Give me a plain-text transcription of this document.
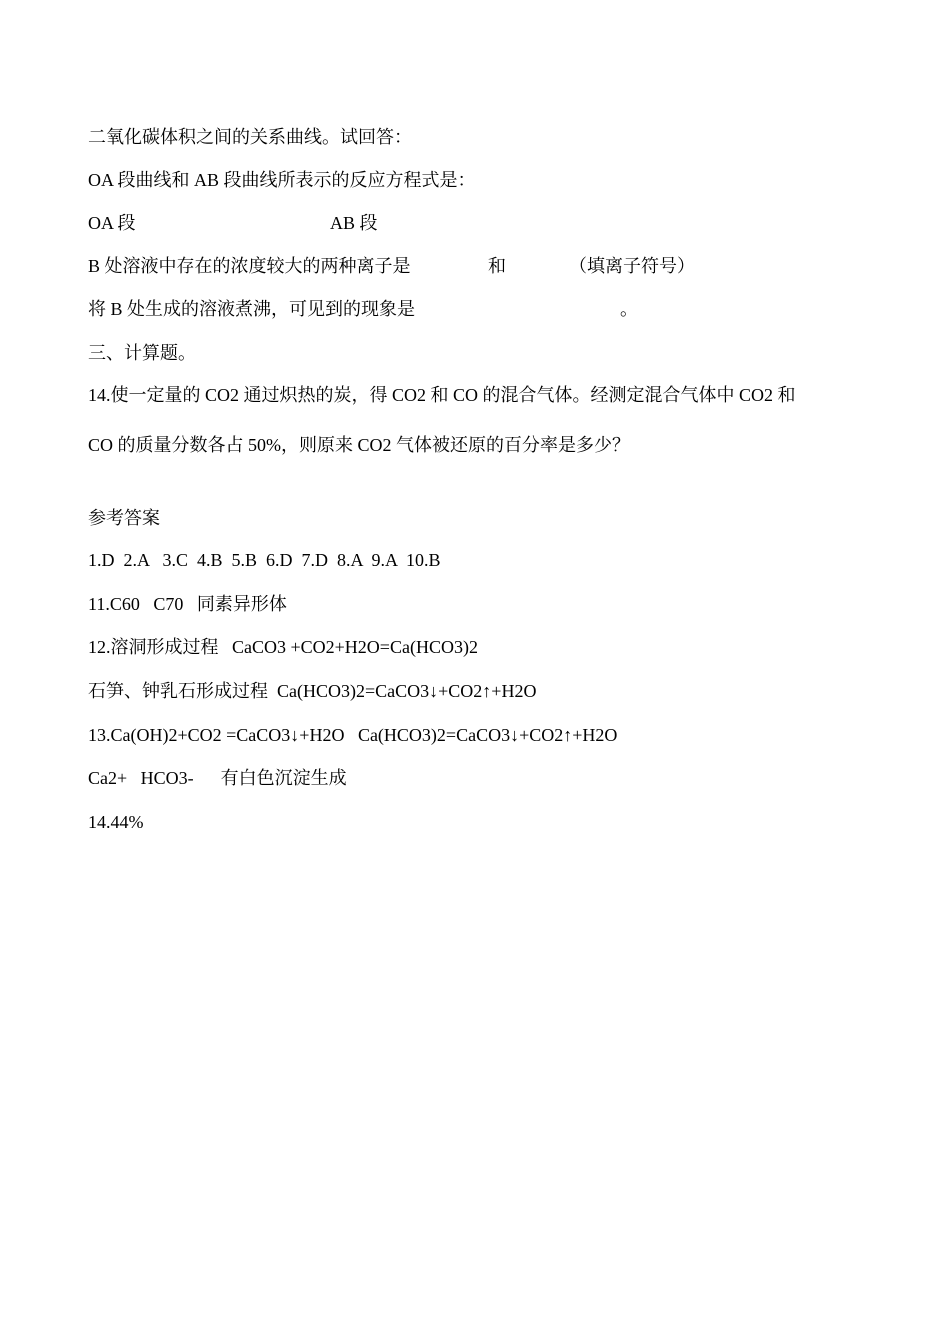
二氧化碳体积之间的关系曲线。试回答：
OA 段曲线和 AB 段曲线所表示的反应方程式是：
OA 段	AB 段
B 处溶液中存在的浓度较大的两种离子是	和	（填离子符号）
将 B 处生成的溶液煮沸，可见到的现象是	。
三、计算题。
14.使一定量的 CO2 通过炽热的炭，得 CO2 和 CO 的混合气体。经测定混合气体中 CO2 和
CO 的质量分数各占 50%，则原来 CO2 气体被还原的百分率是多少？
参考答案
1.D  2.A   3.C  4.B  5.B  6.D  7.D  8.A  9.A  10.B
11.C60   C70   同素异形体
12.溶洞形成过程   CaCO3 +CO2+H2O=Ca(HCO3)2
石笋、钟乳石形成过程  Ca(HCO3)2=CaCO3↓+CO2↑+H2O
13.Ca(OH)2+CO2 =CaCO3↓+H2O   Ca(HCO3)2=CaCO3↓+CO2↑+H2O
Ca2+   HCO3-      有白色沉淀生成
14.44%
